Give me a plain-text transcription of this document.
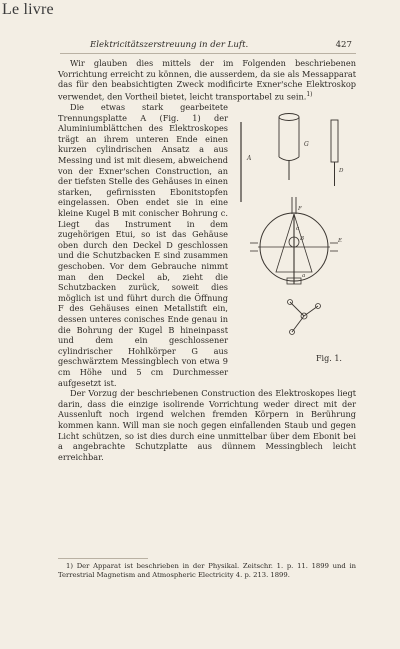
Le livre
Elektricitätszerstreuung in der Luft.	427

Wir glauben dies mittels der im Folgenden beschriebenen Vorrichtung erreicht zu können, die ausserdem, da sie als Messapparat das für den beabsichtigten Zweck modificirte Exner'sche Elektroskop verwendet, den Vortheil bietet, leicht transportabel zu sein.$^{1)}$

Die etwas stark gearbeitete Trennungsplatte A (Fig. 1) der Aluminiumblättchen des Elektroskopes trägt an ihrem unteren Ende einen kurzen cylindrischen Ansatz a aus Messing und ist mit diesem, abweichend von der Exner'schen Construction, an der tiefsten Stelle des Gehäuses in einen starken, gefirnissten Ebonitstopfen eingelassen. Oben endet sie in eine kleine Kugel B mit conischer Bohrung c. Liegt das Instrument in dem zugehörigen Etui, so ist das Gehäuse oben durch den Deckel D geschlossen und die Schutzbacken E sind zusammen geschoben. Vor dem Gebrauche nimmt man den Deckel ab, zieht die Schutzbacken zurück, soweit dies möglich ist und führt durch die Öffnung F des Gehäuses einen Metallstift ein, dessen unteres conisches Ende genau in die Bohrung der Kugel B hineinpasst und dem ein geschlossener cylindrischer Hohlkörper G aus geschwärztem Messingblech von etwa 9 cm Höhe und 5 cm Durchmesser aufgesetzt ist.

A
G
B
c
a
E
F
D
Fig. 1.

Der Vorzug der beschriebenen Construction des Elektroskopes liegt darin, dass die einzige isolirende Vorrichtung weder direct mit der Aussenluft noch irgend welchen fremden Körpern in Berührung kommen kann. Will man sie noch gegen einfallenden Staub und gegen Licht schützen, so ist dies durch eine unmittelbar über dem Ebonit bei a angebrachte Schutzplatte aus dünnem Messingblech leicht erreichbar.

1) Der Apparat ist beschrieben in der Physikal. Zeitschr. 1. p. 11. 1899 und in Terrestrial Magnetism and Atmospheric Electricity 4. p. 213. 1899.
